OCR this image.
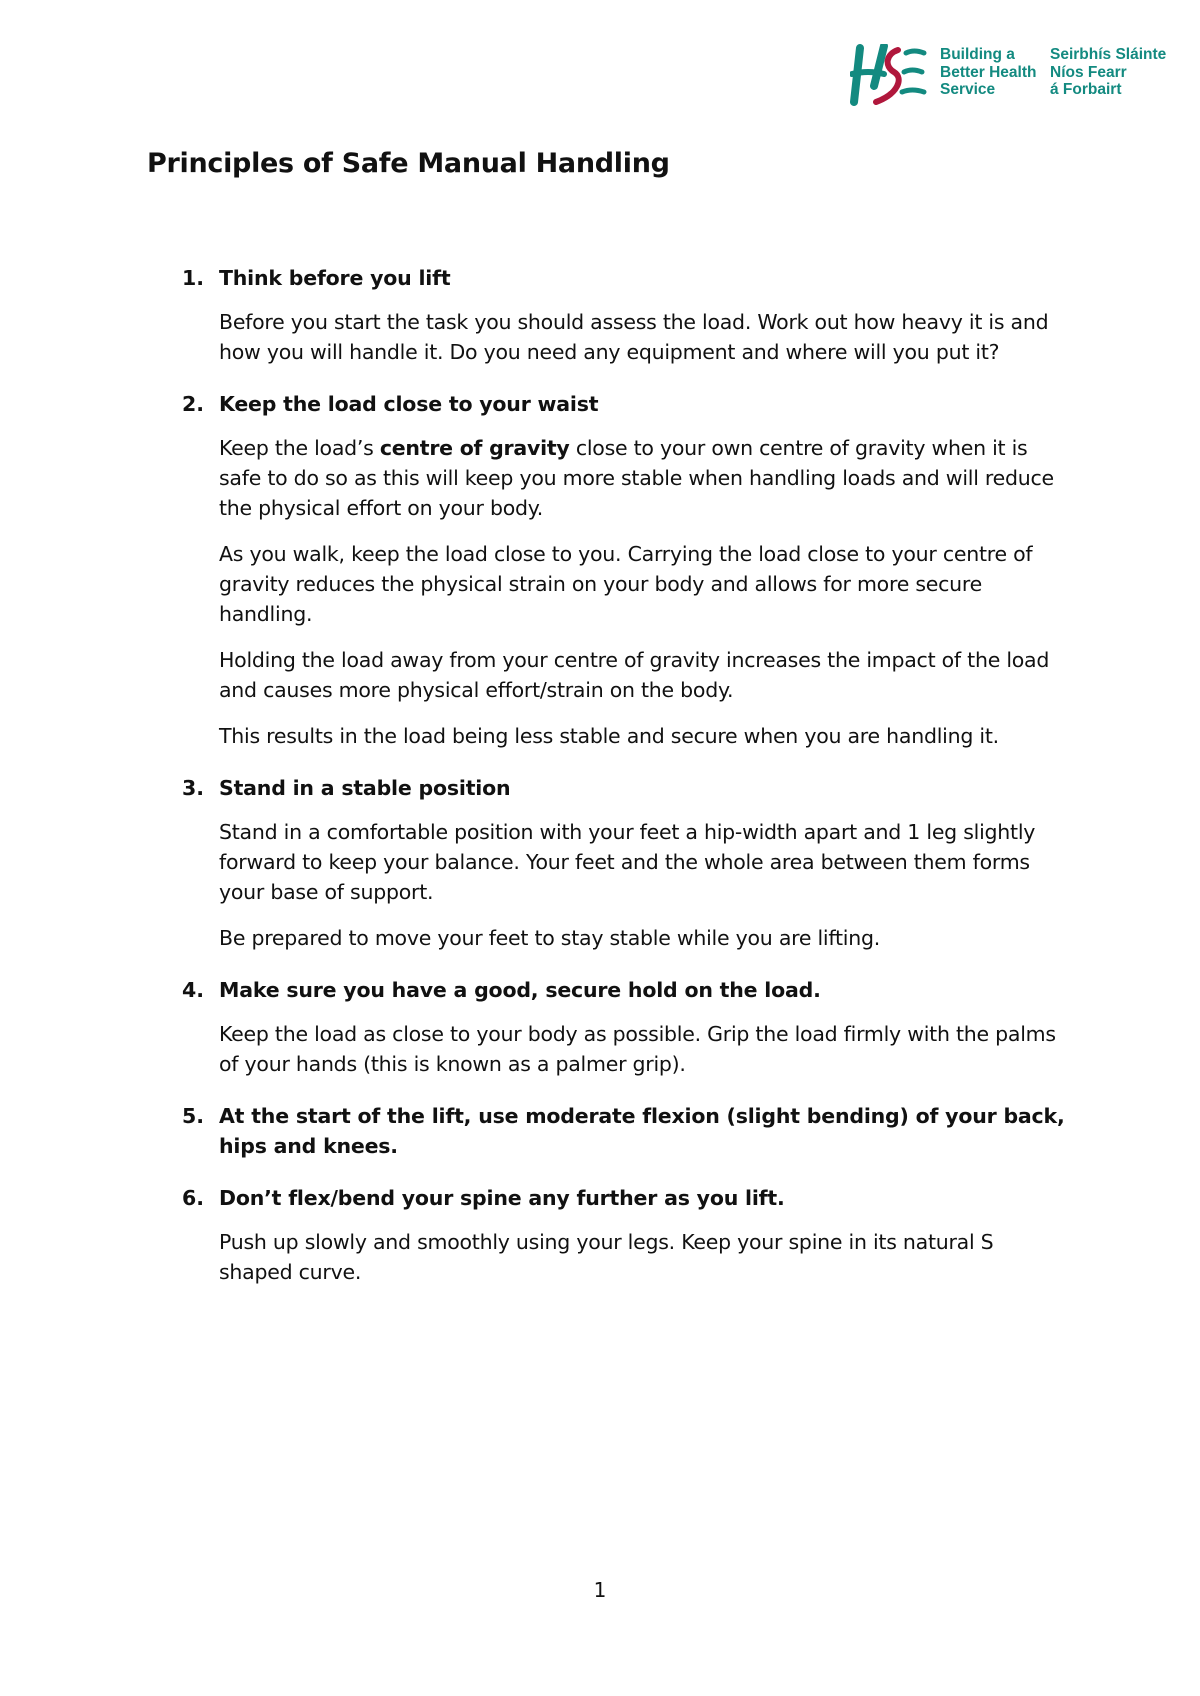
Building a
Better Health
Service
Seirbhís Sláinte
Níos Fearr
á Forbairt
Principles of Safe Manual Handling
1. Think before you lift

Before you start the task you should assess the load. Work out how heavy it is and how you will handle it. Do you need any equipment and where will you put it?

2. Keep the load close to your waist

Keep the load’s centre of gravity close to your own centre of gravity when it is safe to do so as this will keep you more stable when handling loads and will reduce the physical effort on your body.

As you walk, keep the load close to you. Carrying the load close to your centre of gravity reduces the physical strain on your body and allows for more secure handling.

Holding the load away from your centre of gravity increases the impact of the load and causes more physical effort/strain on the body.

This results in the load being less stable and secure when you are handling it.

3. Stand in a stable position

Stand in a comfortable position with your feet a hip-width apart and 1 leg slightly forward to keep your balance. Your feet and the whole area between them forms your base of support.

Be prepared to move your feet to stay stable while you are lifting.

4. Make sure you have a good, secure hold on the load.

Keep the load as close to your body as possible. Grip the load firmly with the palms of your hands (this is known as a palmer grip).

5. At the start of the lift, use moderate flexion (slight bending) of your back, hips and knees.

6. Don’t flex/bend your spine any further as you lift.

Push up slowly and smoothly using your legs. Keep your spine in its natural S shaped curve.

1
